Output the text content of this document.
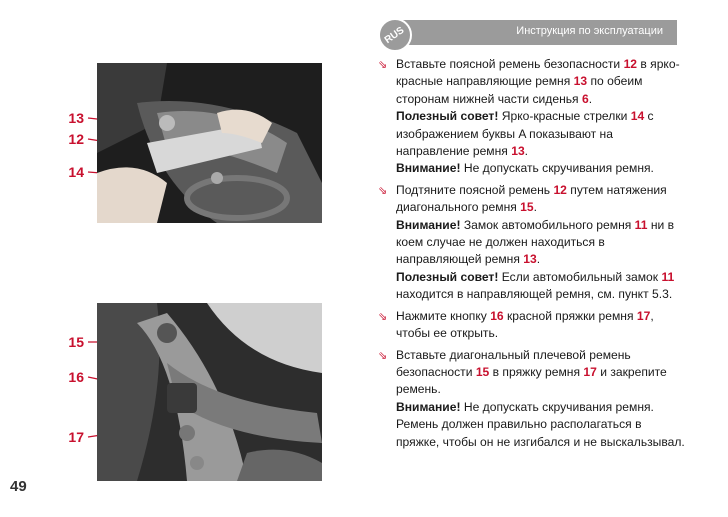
49
13
12
14
15
16
17
Инструкция по эксплуатации
RUS
⇘ Вставьте поясной ремень безопасности 12 в ярко-красные направляющие ремня 13 по обеим сторонам нижней части сиденья 6.
Полезный совет! Ярко-красные стрелки 14 с изображением буквы A показывают на направление ремня 13.
Внимание! Не допускать скручивания ремня.
⇘ Подтяните поясной ремень 12 путем натяжения диагонального ремня 15.
Внимание! Замок автомобильного ремня 11 ни в коем случае не должен находиться в направляющей ремня 13.
Полезный совет! Если автомобильный замок 11 находится в направляющей ремня, см. пункт 5.3.
⇘ Нажмите кнопку 16 красной пряжки ремня 17, чтобы ее открыть.
⇘ Вставьте диагональный плечевой ремень безопасности 15 в пряжку ремня 17 и закрепите ремень.
Внимание! Не допускать скручивания ремня. Ремень должен правильно располагаться в пряжке, чтобы он не изгибался и не выскальзывал.
